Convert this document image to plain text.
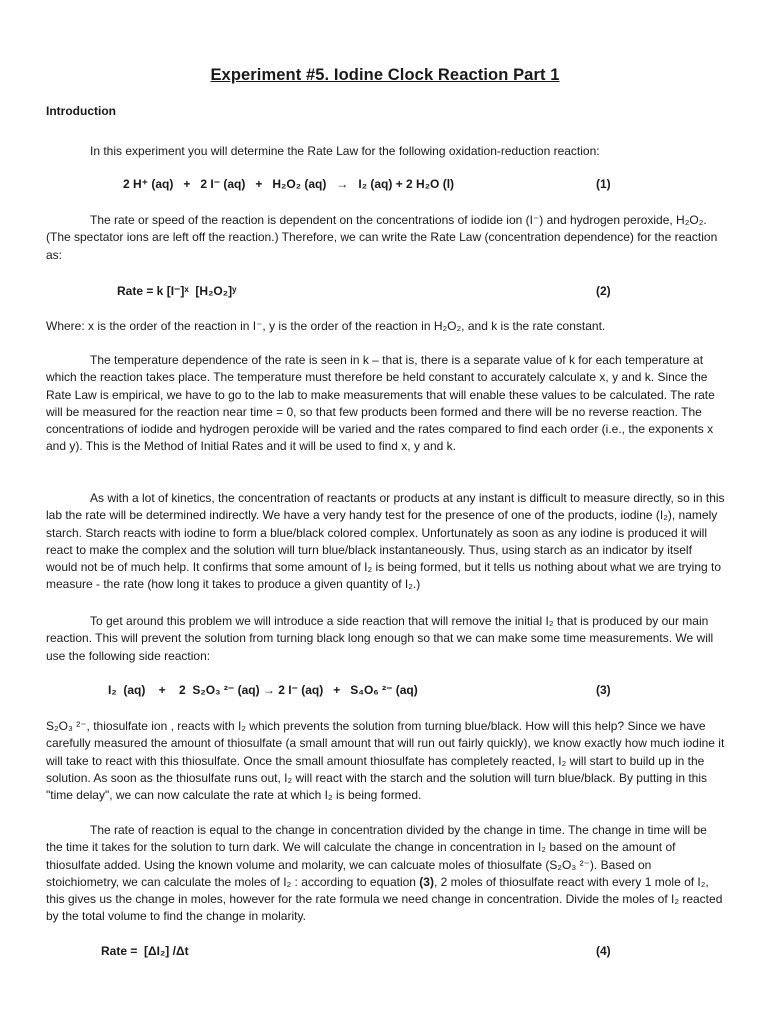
Experiment #5. Iodine Clock Reaction Part 1
Introduction

In this experiment you will determine the Rate Law for the following oxidation-reduction reaction:

2 H⁺ (aq)   +   2 I⁻ (aq)   +   H₂O₂ (aq)   →   I₂ (aq) + 2 H₂O (l)	(1)

The rate or speed of the reaction is dependent on the concentrations of iodide ion (I⁻) and hydrogen peroxide, H₂O₂. (The spectator ions are left off the reaction.) Therefore, we can write the Rate Law (concentration dependence) for the reaction as:

Rate = k [I⁻]ˣ  [H₂O₂]ʸ	(2)

Where: x is the order of the reaction in I⁻, y is the order of the reaction in H₂O₂, and k is the rate constant.

The temperature dependence of the rate is seen in k – that is, there is a separate value of k for each temperature at which the reaction takes place. The temperature must therefore be held constant to accurately calculate x, y and k. Since the Rate Law is empirical, we have to go to the lab to make measurements that will enable these values to be calculated. The rate will be measured for the reaction near time = 0, so that few products been formed and there will be no reverse reaction. The concentrations of iodide and hydrogen peroxide will be varied and the rates compared to find each order (i.e., the exponents x and y). This is the Method of Initial Rates and it will be used to find x, y and k.

As with a lot of kinetics, the concentration of reactants or products at any instant is difficult to measure directly, so in this lab the rate will be determined indirectly. We have a very handy test for the presence of one of the products, iodine (I₂), namely starch. Starch reacts with iodine to form a blue/black colored complex. Unfortunately as soon as any iodine is produced it will react to make the complex and the solution will turn blue/black instantaneously. Thus, using starch as an indicator by itself would not be of much help. It confirms that some amount of I₂ is being formed, but it tells us nothing about what we are trying to measure - the rate (how long it takes to produce a given quantity of I₂.)

To get around this problem we will introduce a side reaction that will remove the initial I₂ that is produced by our main reaction. This will prevent the solution from turning black long enough so that we can make some time measurements. We will use the following side reaction:

I₂  (aq)    +    2  S₂O₃ ²⁻ (aq) → 2 I⁻ (aq)   +   S₄O₆ ²⁻ (aq)	(3)

S₂O₃ ²⁻, thiosulfate ion , reacts with I₂ which prevents the solution from turning blue/black. How will this help? Since we have carefully measured the amount of thiosulfate (a small amount that will run out fairly quickly), we know exactly how much iodine it will take to react with this thiosulfate. Once the small amount thiosulfate has completely reacted, I₂ will start to build up in the solution. As soon as the thiosulfate runs out, I₂ will react with the starch and the solution will turn blue/black. By putting in this "time delay", we can now calculate the rate at which I₂ is being formed.

The rate of reaction is equal to the change in concentration divided by the change in time. The change in time will be the time it takes for the solution to turn dark. We will calculate the change in concentration in I₂ based on the amount of thiosulfate added. Using the known volume and molarity, we can calcuate moles of thiosulfate (S₂O₃ ²⁻). Based on stoichiometry, we can calculate the moles of I₂ : according to equation (3), 2 moles of thiosulfate react with every 1 mole of I₂, this gives us the change in moles, however for the rate formula we need change in concentration. Divide the moles of I₂ reacted by the total volume to find the change in molarity.

Rate =  [ΔI₂] /Δt	(4)
